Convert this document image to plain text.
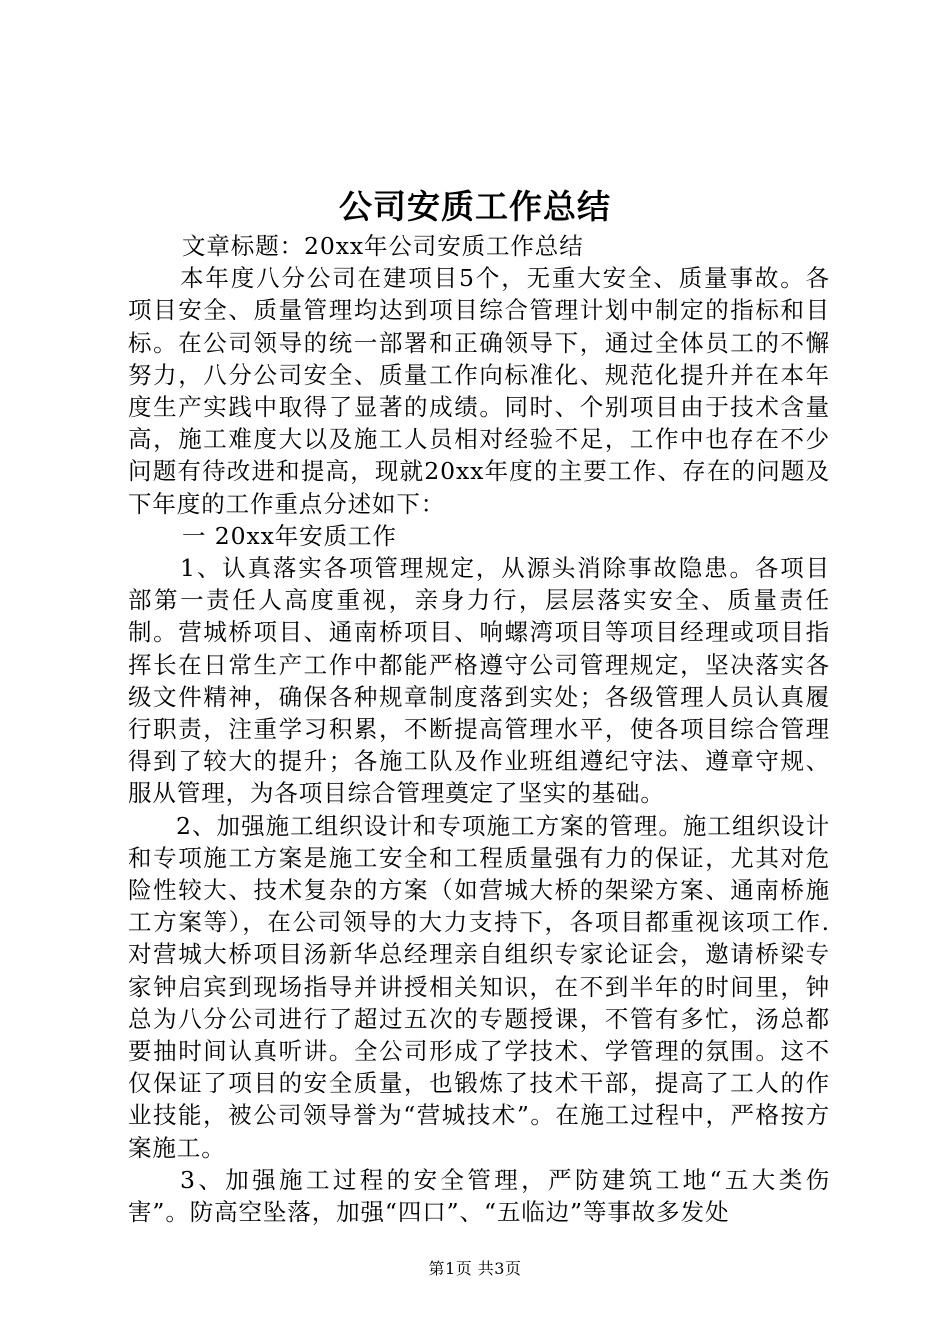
公司安质工作总结

文章标题：20xx年公司安质工作总结

本年度八分公司在建项目5个，无重大安全、质量事故。各项目安全、质量管理均达到项目综合管理计划中制定的指标和目标。在公司领导的统一部署和正确领导下，通过全体员工的不懈努力，八分公司安全、质量工作向标准化、规范化提升并在本年度生产实践中取得了显著的成绩。同时、个别项目由于技术含量高，施工难度大以及施工人员相对经验不足，工作中也存在不少问题有待改进和提高，现就20xx年度的主要工作、存在的问题及下年度的工作重点分述如下：

一 20xx年安质工作

1、认真落实各项管理规定，从源头消除事故隐患。各项目部第一责任人高度重视，亲身力行，层层落实安全、质量责任制。营城桥项目、通南桥项目、响螺湾项目等项目经理或项目指挥长在日常生产工作中都能严格遵守公司管理规定，坚决落实各级文件精神，确保各种规章制度落到实处；各级管理人员认真履行职责，注重学习积累，不断提高管理水平，使各项目综合管理得到了较大的提升；各施工队及作业班组遵纪守法、遵章守规、服从管理，为各项目综合管理奠定了坚实的基础。

2、加强施工组织设计和专项施工方案的管理。施工组织设计和专项施工方案是施工安全和工程质量强有力的保证，尤其对危险性较大、技术复杂的方案（如营城大桥的架梁方案、通南桥施工方案等），在公司领导的大力支持下，各项目都重视该项工作.对营城大桥项目汤新华总经理亲自组织专家论证会，邀请桥梁专家钟启宾到现场指导并讲授相关知识，在不到半年的时间里，钟总为八分公司进行了超过五次的专题授课，不管有多忙，汤总都要抽时间认真听讲。全公司形成了学技术、学管理的氛围。这不仅保证了项目的安全质量，也锻炼了技术干部，提高了工人的作业技能，被公司领导誉为“营城技术”。在施工过程中，严格按方案施工。

3、加强施工过程的安全管理，严防建筑工地“五大类伤害”。防高空坠落，加强“四口”、“五临边”等事故多发处

第1页 共3页
